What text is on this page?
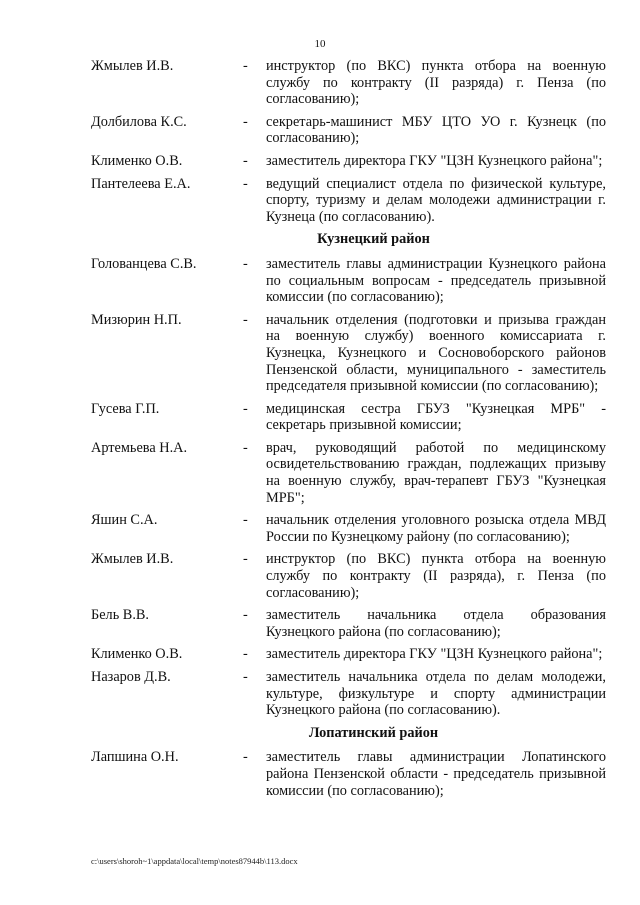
10
Жмылев И.В.	-	инструктор (по ВКС) пункта отбора на военную службу по контракту (II разряда) г. Пенза (по согласованию);
Долбилова К.С.	-	секретарь-машинист МБУ ЦТО УО г. Кузнецк (по согласованию);
Клименко О.В.	-	заместитель директора ГКУ "ЦЗН Кузнецкого района";
Пантелеева Е.А.	-	ведущий специалист отдела по физической культуре, спорту, туризму и делам молодежи администрации г. Кузнеца (по согласованию).
Кузнецкий район
Голованцева С.В.	-	заместитель главы администрации Кузнецкого района по социальным вопросам - председатель призывной комиссии (по согласованию);
Мизюрин Н.П.	-	начальник отделения (подготовки и призыва граждан на военную службу) военного комиссариата г. Кузнецка, Кузнецкого и Сосновоборского районов Пензенской области, муниципального - заместитель председателя призывной комиссии (по согласованию);
Гусева Г.П.	-	медицинская сестра ГБУЗ "Кузнецкая МРБ" - секретарь призывной комиссии;
Артемьева Н.А.	-	врач, руководящий работой по медицинскому освидетельствованию граждан, подлежащих призыву на военную службу, врач-терапевт ГБУЗ "Кузнецкая МРБ";
Яшин С.А.	-	начальник отделения уголовного розыска отдела МВД России по Кузнецкому району (по согласованию);
Жмылев И.В.	-	инструктор (по ВКС) пункта отбора на военную службу по контракту (II разряда), г. Пенза (по согласованию);
Бель В.В.	-	заместитель начальника отдела образования Кузнецкого района (по согласованию);
Клименко О.В.	-	заместитель директора ГКУ "ЦЗН Кузнецкого района";
Назаров Д.В.	-	заместитель начальника отдела по делам молодежи, культуре, физкультуре и спорту администрации Кузнецкого района (по согласованию).
Лопатинский район
Лапшина О.Н.	-	заместитель главы администрации Лопатинского района Пензенской области - председатель призывной комиссии (по согласованию);
c:\users\shoroh~1\appdata\local\temp\notes87944b\113.docx
